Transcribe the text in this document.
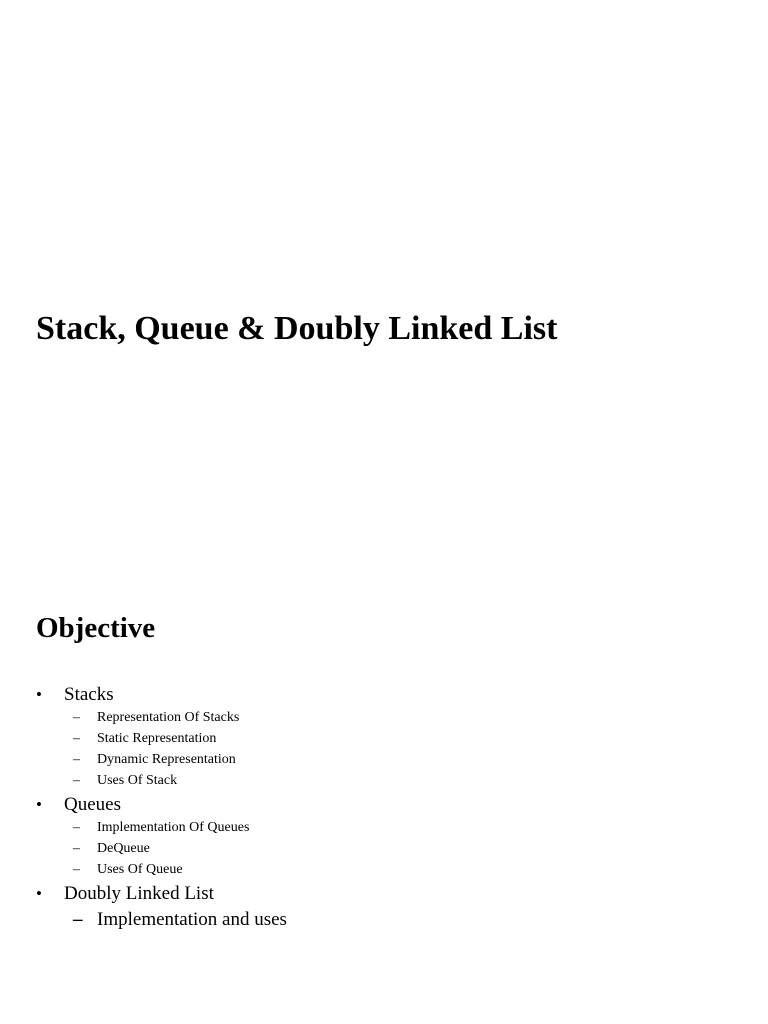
Stack, Queue & Doubly Linked List
Objective
• Stacks
– Representation Of Stacks
– Static Representation
– Dynamic Representation
– Uses Of Stack
• Queues
– Implementation Of Queues
– DeQueue
– Uses Of Queue
• Doubly Linked List
– Implementation and uses
